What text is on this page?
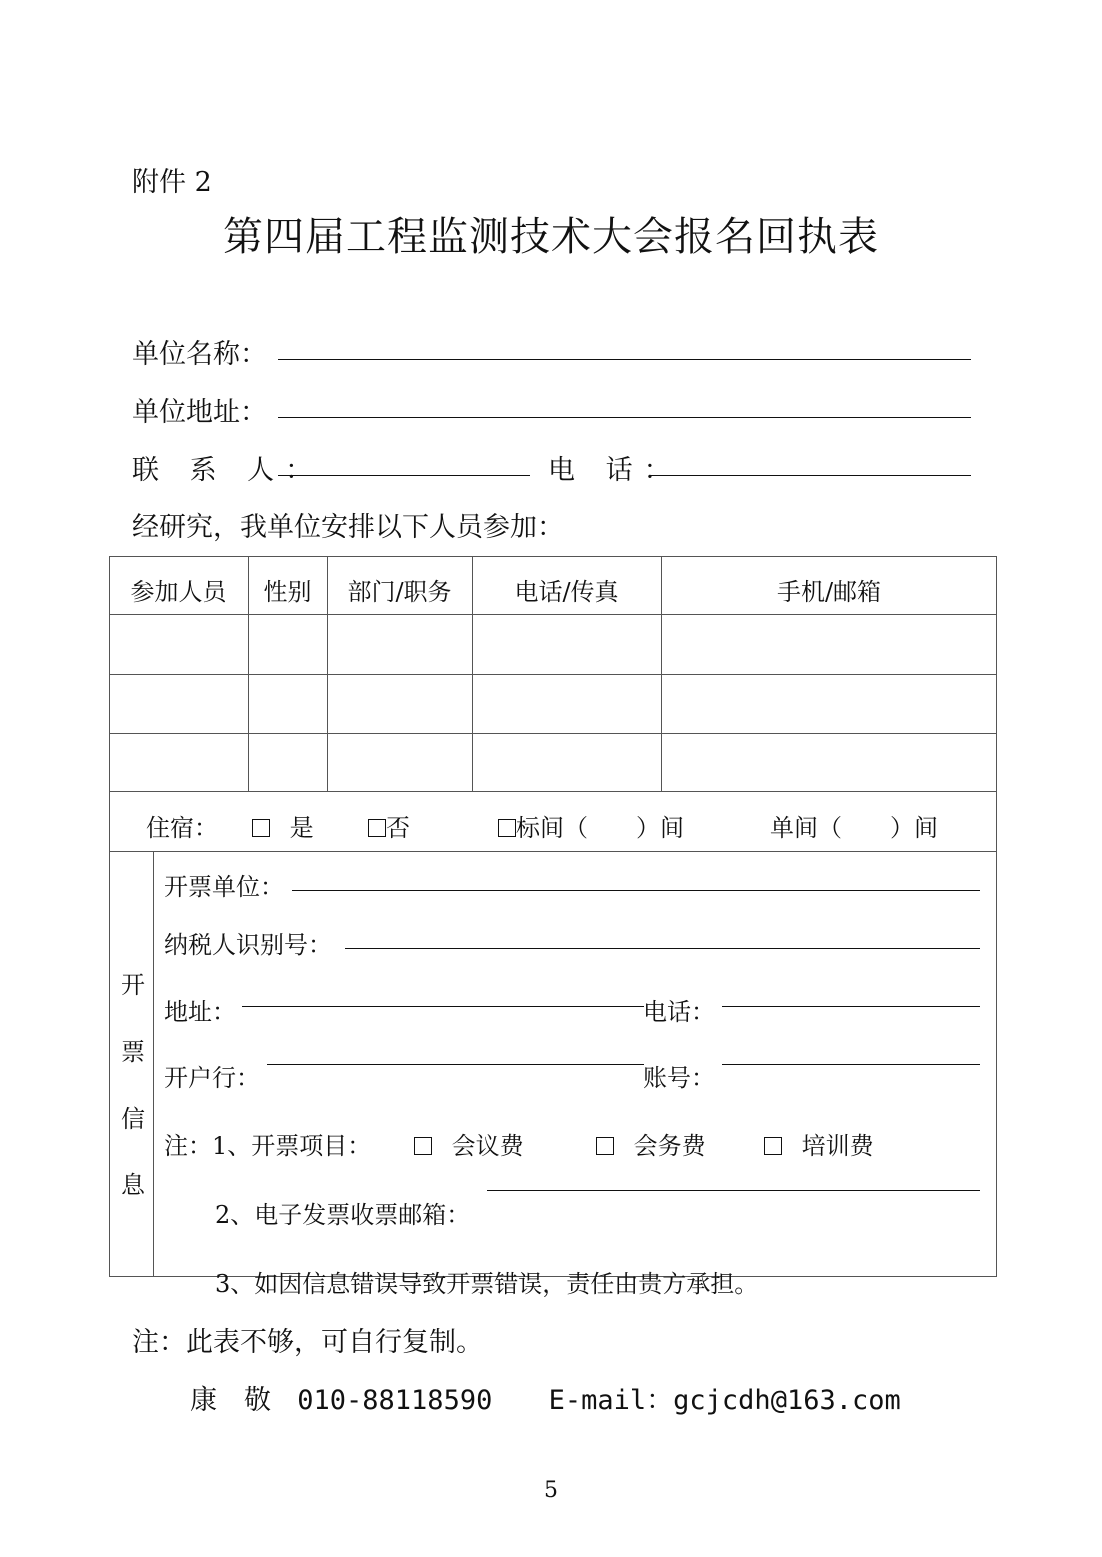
附件 2
第四届工程监测技术大会报名回执表
单位名称：
单位地址：
联 系 人：	电 话：
经研究，我单位安排以下人员参加：
参加人员	性别	部门/职务	电话/传真	手机/邮箱
住宿：	是	否	标间（　　）间	单间（　　）间
开
票
信
息
开票单位：
纳税人识别号：
地址：	电话：
开户行：	账号：
注：1、开票项目：	会议费	会务费	培训费
2、电子发票收票邮箱：
3、如因信息错误导致开票错误，责任由贵方承担。
注：此表不够，可自行复制。
康　敬 010-88118590 E-mail：gcjcdh@163.com
5
